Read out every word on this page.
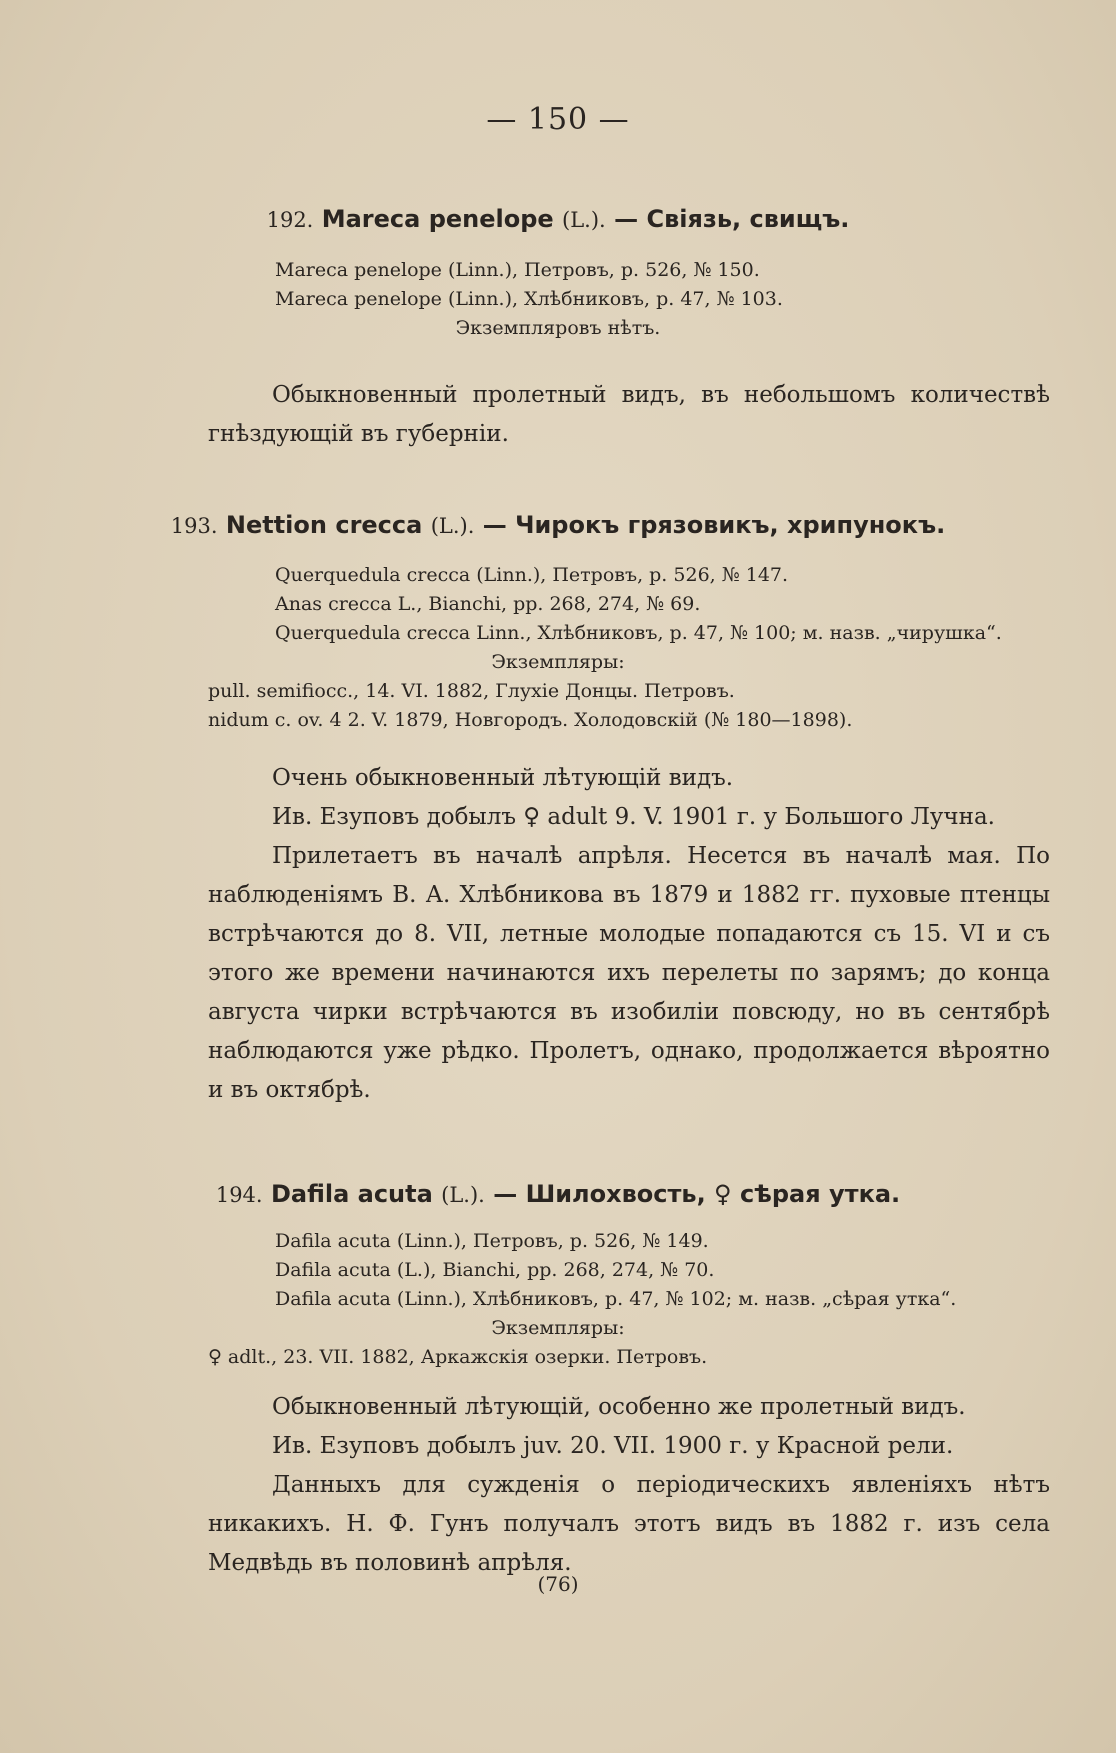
— 150 —
192. Mareca penelope (L.). — Свіязь, свищъ.
Mareca penelope (Linn.), Петровъ, р. 526, № 150.
Mareca penelope (Linn.), Хлѣбниковъ, р. 47, № 103.
Экземпляровъ нѣтъ.

Обыкновенный пролетный видъ, въ небольшомъ количествѣ гнѣздующій въ губерніи.

193. Nettion crecca (L.). — Чирокъ грязовикъ, хрипунокъ.
Querquedula crecca (Linn.), Петровъ, р. 526, № 147.
Anas crecca L., Bianchi, pp. 268, 274, № 69.
Querquedula crecca Linn., Хлѣбниковъ, р. 47, № 100; м. назв. „чирушка“.
Экземпляры:
pull. semifiocc., 14. VI. 1882, Глухіе Донцы. Петровъ.
nidum c. ov. 4 2. V. 1879, Новгородъ. Холодовскій (№ 180—1898).

Очень обыкновенный лѣтующій видъ.

Ив. Езуповъ добылъ ♀ adult 9. V. 1901 г. у Большого Лучна.

Прилетаетъ въ началѣ апрѣля. Несется въ началѣ мая. По наблюденіямъ В. А. Хлѣбникова въ 1879 и 1882 гг. пуховые птенцы встрѣчаются до 8. VII, летные молодые попадаются съ 15. VI и съ этого же времени начинаются ихъ перелеты по зарямъ; до конца августа чирки встрѣчаются въ изобиліи повсюду, но въ сентябрѣ наблюдаются уже рѣдко. Пролетъ, однако, продолжается вѣроятно и въ октябрѣ.

194. Dafila acuta (L.). — Шилохвость, ♀ сѣрая утка.
Dafila acuta (Linn.), Петровъ, р. 526, № 149.
Dafila acuta (L.), Bianchi, pp. 268, 274, № 70.
Dafila acuta (Linn.), Хлѣбниковъ, р. 47, № 102; м. назв. „сѣрая утка“.
Экземпляры:
♀ adlt., 23. VII. 1882, Аркажскія озерки. Петровъ.

Обыкновенный лѣтующій, особенно же пролетный видъ.

Ив. Езуповъ добылъ juv. 20. VII. 1900 г. у Красной рели.

Данныхъ для сужденія о періодическихъ явленіяхъ нѣтъ никакихъ. Н. Ф. Гунъ получалъ этотъ видъ въ 1882 г. изъ села Медвѣдь въ половинѣ апрѣля.

(76)
